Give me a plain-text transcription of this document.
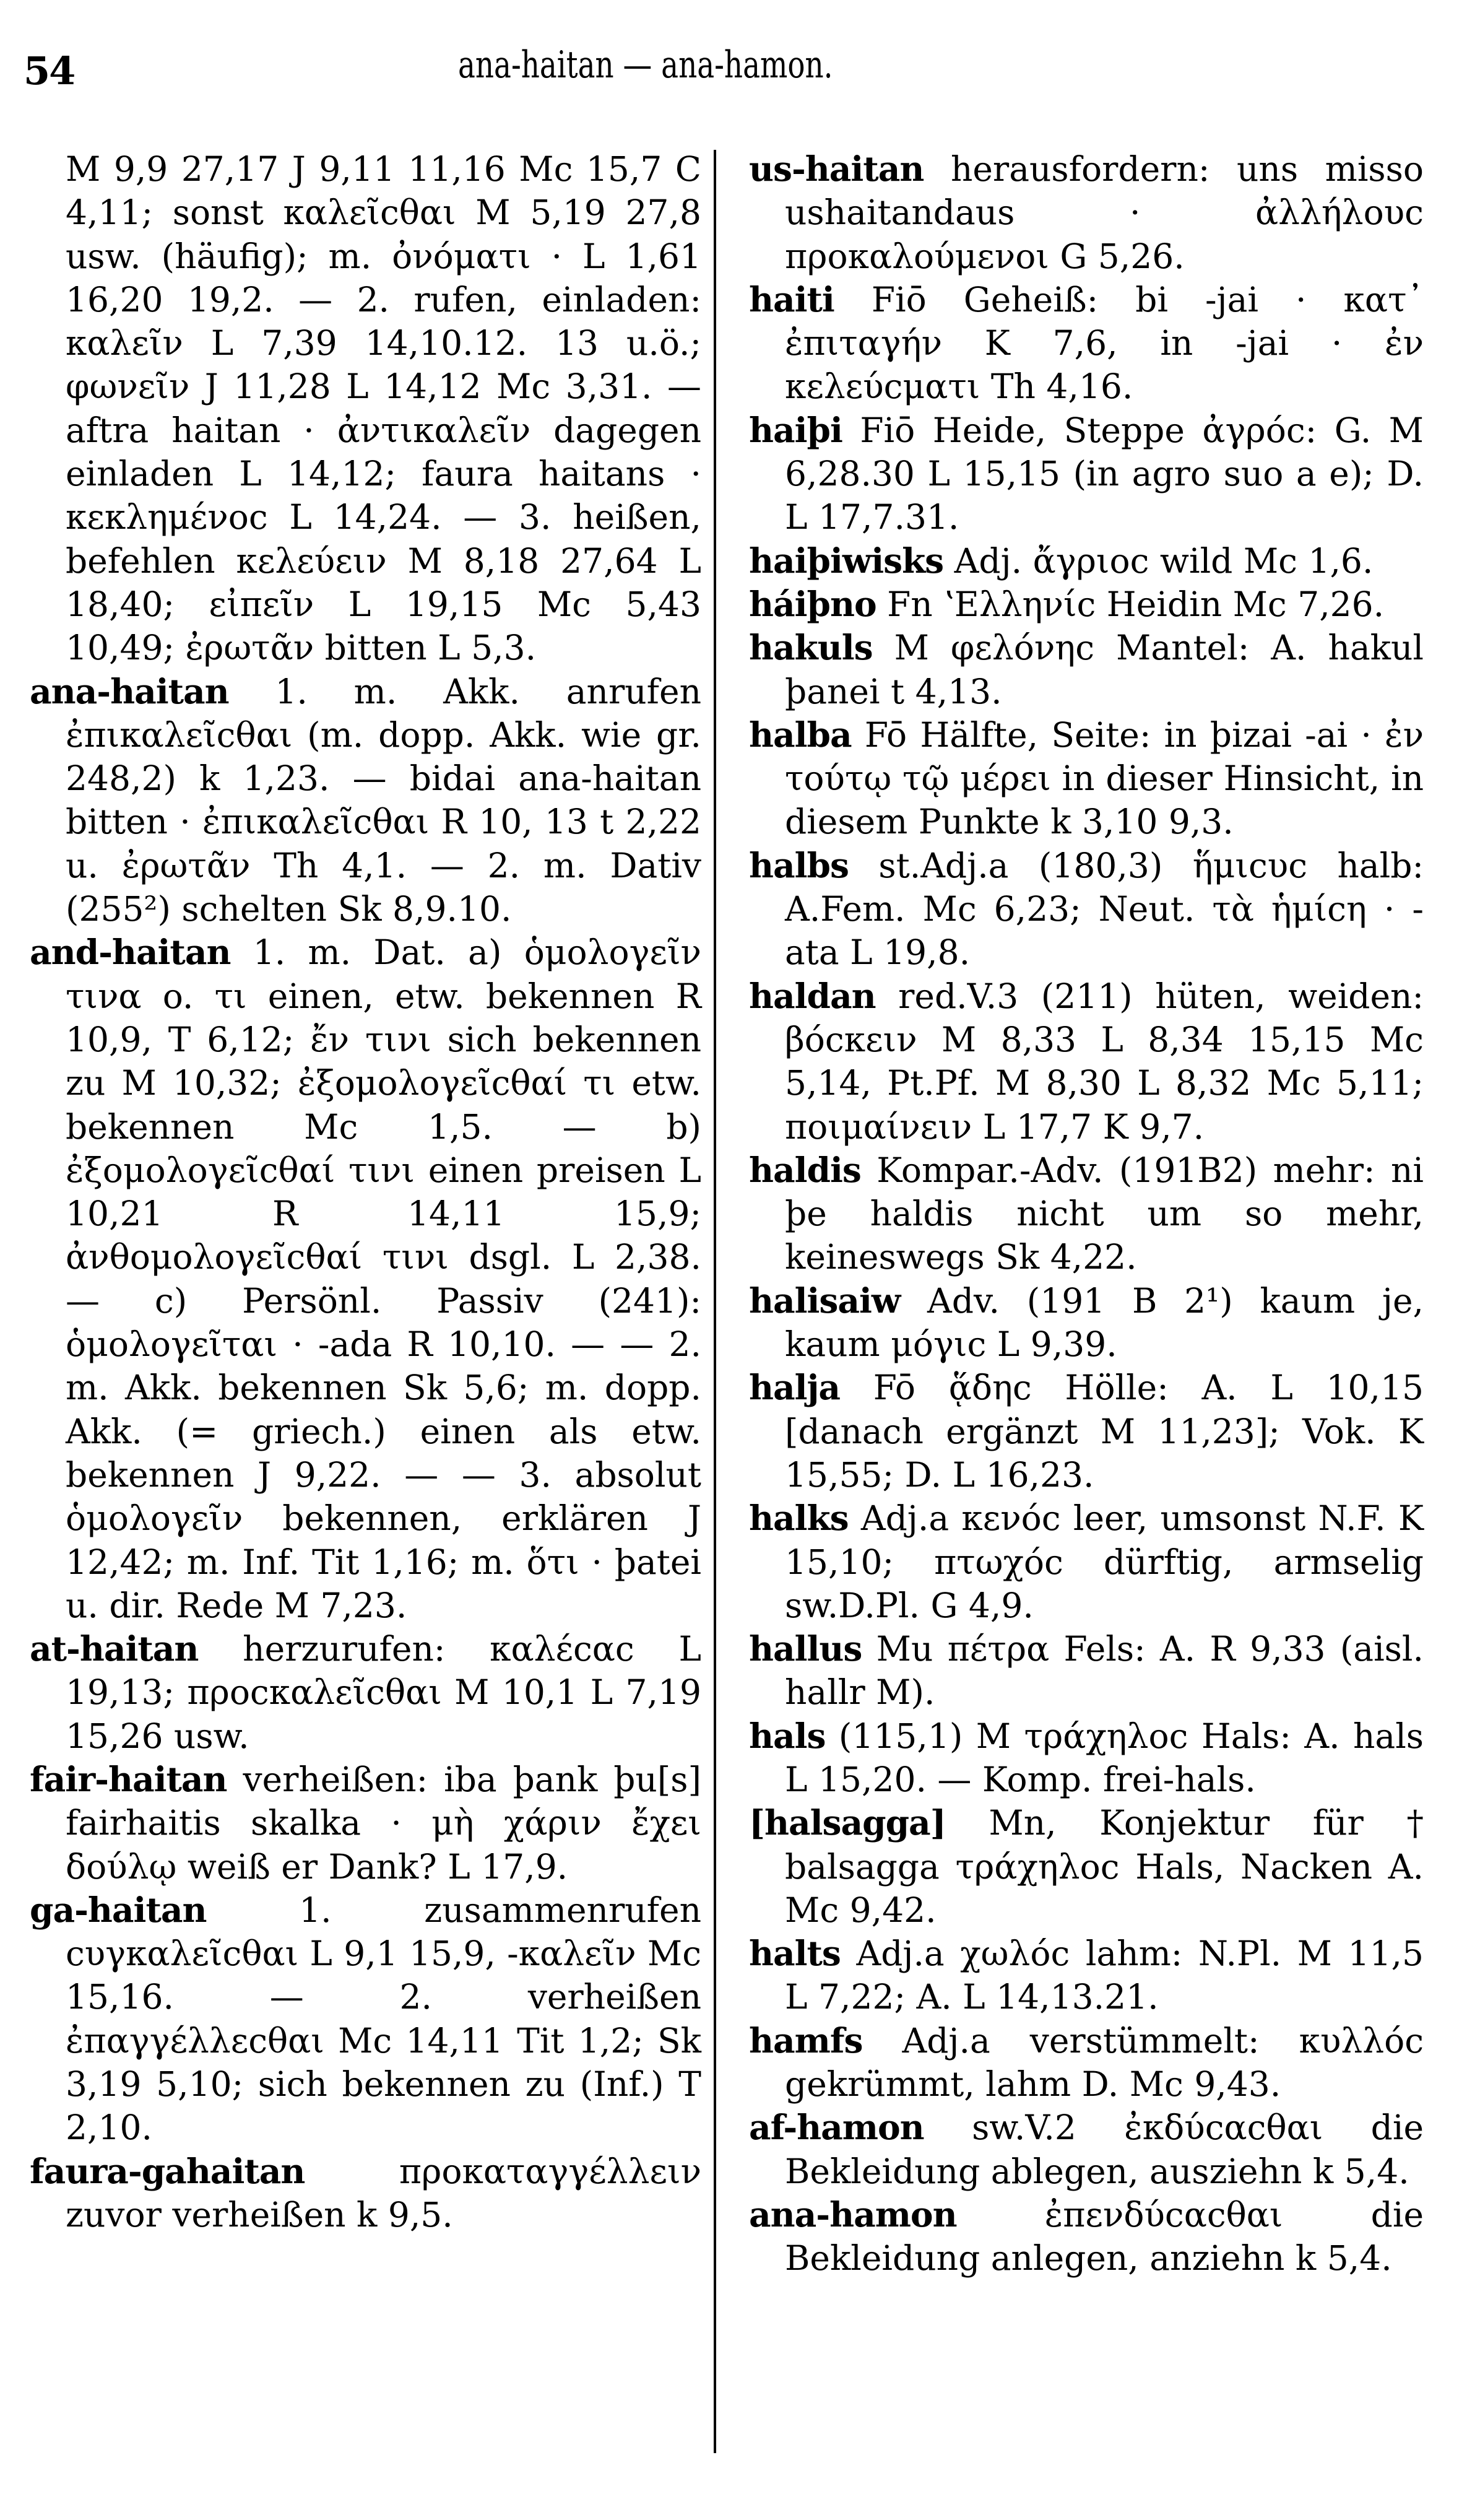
54	ana-haitan — ana-hamon.

M 9,9 27,17 J 9,11 11,16 Mc 15,7 C 4,11; sonst καλεῖcθαι M 5,19 27,8 usw. (häufig); m. ὀνόματι · L 1,61 16,20 19,2. — 2. rufen, einladen: καλεῖν L 7,39 14,10.12. 13 u.ö.; φωνεῖν J 11,28 L 14,12 Mc 3,31. — aftra haitan · ἀντικαλεῖν dagegen einladen L 14,12; faura haitans · κεκλημένοc L 14,24. — 3. heißen, befehlen κελεύειν M 8,18 27,64 L 18,40; εἰπεῖν L 19,15 Mc 5,43 10,49; ἐρωτᾶν bitten L 5,3.

ana-haitan 1. m. Akk. anrufen ἐπικαλεῖcθαι (m. dopp. Akk. wie gr. 248,2) k 1,23. — bidai ana-haitan bitten · ἐπικαλεῖcθαι R 10, 13 t 2,22 u. ἐρωτᾶν Th 4,1. — 2. m. Dativ (255²) schelten Sk 8,9.10.

and-haitan 1. m. Dat. a) ὁμολογεῖν τινα o. τι einen, etw. bekennen R 10,9, T 6,12; ἔν τινι sich bekennen zu M 10,32; ἐξομολογεῖcθαί τι etw. bekennen Mc 1,5. — b) ἐξομολογεῖcθαί τινι einen preisen L 10,21 R 14,11 15,9; ἀνθομολογεῖcθαί τινι dsgl. L 2,38. — c) Persönl. Passiv (241): ὁμολογεῖται · -ada R 10,10. — — 2. m. Akk. bekennen Sk 5,6; m. dopp. Akk. (= griech.) einen als etw. bekennen J 9,22. — — 3. absolut ὁμολογεῖν bekennen, erklären J 12,42; m. Inf. Tit 1,16; m. ὅτι · þatei u. dir. Rede M 7,23.

at-haitan herzurufen: καλέcαc L 19,13; προcκαλεῖcθαι M 10,1 L 7,19 15,26 usw.

fair-haitan verheißen: iba þank þu[s] fairhaitis skalka · μὴ χάριν ἔχει δούλῳ weiß er Dank? L 17,9.

ga-haitan	1. zusammenrufen cυγκαλεῖcθαι L 9,1 15,9, -καλεῖν Mc 15,16. — 2. verheißen ἐπαγγέλλεcθαι Mc 14,11 Tit 1,2; Sk 3,19 5,10; sich bekennen zu (Inf.) T 2,10.

faura-gahaitan	προκαταγγέλλειν zuvor verheißen k 9,5.

us-haitan herausfordern: uns misso ushaitandaus · ἀλλήλουc προκαλούμενοι G 5,26.

haiti Fiō Geheiß: bi -jai · κατ᾽ ἐπιταγήν K 7,6, in -jai · ἐν κελεύcματι Th 4,16.

haiþi Fiō Heide, Steppe ἀγρόc: G. M 6,28.30 L 15,15 (in agro suo a e); D. L 17,7.31.

haiþiwisks Adj. ἄγριοc wild Mc 1,6.

háiþno Fn ʽΕλληνίc Heidin Mc 7,26.

hakuls M φελόνηc Mantel: A. hakul þanei t 4,13.

halba Fō Hälfte, Seite: in þizai -ai · ἐν τούτῳ τῷ μέρει in dieser Hinsicht, in diesem Punkte k 3,10 9,3.

halbs st.Adj.a (180,3) ἥμιcυc halb: A.Fem. Mc 6,23; Neut. τὰ ἡμίcη · -ata L 19,8.

haldan red.V.3 (211) hüten, weiden: βόcκειν M 8,33 L 8,34 15,15 Mc 5,14, Pt.Pf. M 8,30 L 8,32 Mc 5,11; ποιμαίνειν L 17,7 K 9,7.

haldis Kompar.-Adv. (191B2) mehr: ni þe haldis nicht um so mehr, keineswegs Sk 4,22.

halisaiw Adv. (191 B 2¹) kaum je, kaum μόγιc L 9,39.

halja Fō ᾅδηc Hölle: A. L 10,15 [danach ergänzt M 11,23]; Vok. K 15,55; D. L 16,23.

halks Adj.a κενόc leer, umsonst N.F. K 15,10; πτωχόc dürftig, armselig sw.D.Pl. G 4,9.

hallus Mu πέτρα Fels: A. R 9,33 (aisl. hallr M).

hals (115,1) M τράχηλοc Hals: A. hals L 15,20. — Komp. frei-hals.

[halsagga] Mn, Konjektur für † balsagga τράχηλοc Hals, Nacken A. Mc 9,42.

halts Adj.a χωλόc lahm: N.Pl. M 11,5 L 7,22; A. L 14,13.21.

hamfs Adj.a verstümmelt: κυλλόc gekrümmt, lahm D. Mc 9,43.

af-hamon sw.V.2 ἐκδύcαcθαι die Bekleidung ablegen, ausziehn k 5,4.

ana-hamon	ἐπενδύcαcθαι die Bekleidung anlegen, anziehn k 5,4.
